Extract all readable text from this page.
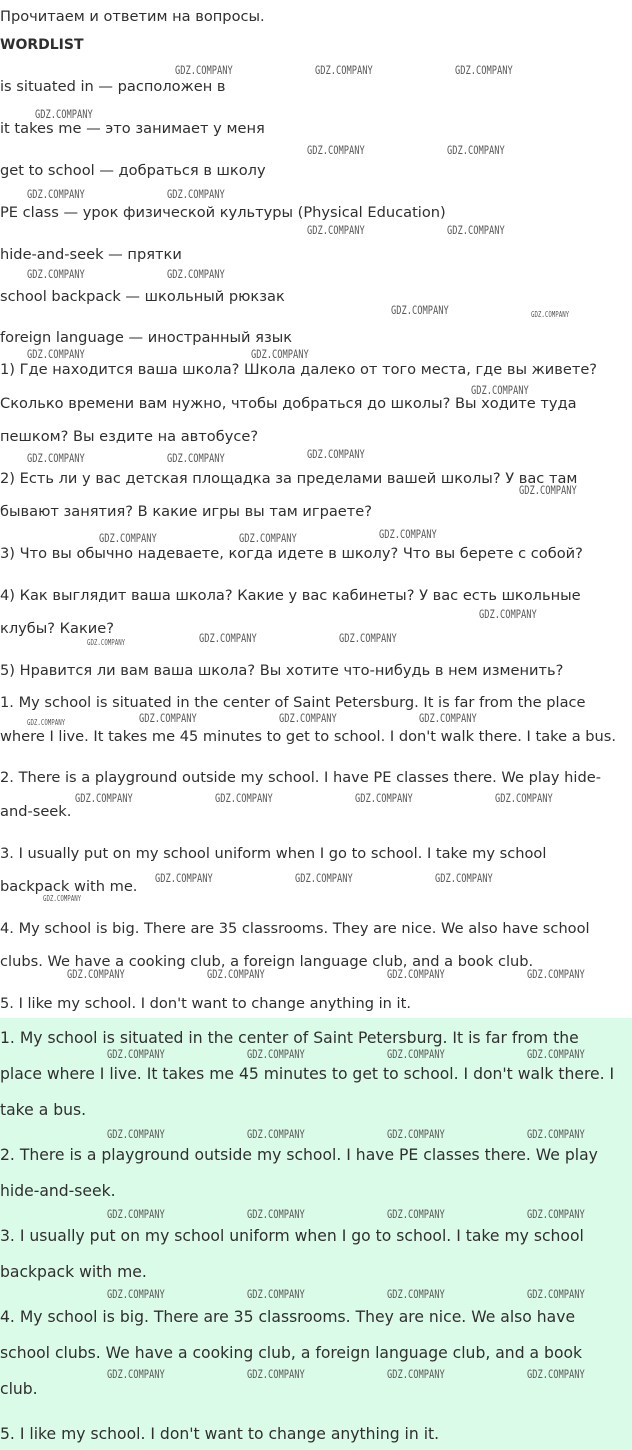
Прочитаем и ответим на вопросы.
WORDLIST
is situated in — расположен в
it takes me — это занимает у меня
get to school — добраться в школу
PE class — урок физической культуры (Physical Education)
hide-and-seek — прятки
school backpack — школьный рюкзак
foreign language — иностранный язык
1) Где находится ваша школа? Школа далеко от того места, где вы живете?
Сколько времени вам нужно, чтобы добраться до школы? Вы ходите туда
пешком? Вы ездите на автобусе?
2) Есть ли у вас детская площадка за пределами вашей школы? У вас там
бывают занятия? В какие игры вы там играете?
3) Что вы обычно надеваете, когда идете в школу? Что вы берете с собой?
4) Как выглядит ваша школа? Какие у вас кабинеты? У вас есть школьные
клубы? Какие?
5) Нравится ли вам ваша школа? Вы хотите что-нибудь в нем изменить?
1. My school is situated in the center of Saint Petersburg. It is far from the place
where I live. It takes me 45 minutes to get to school. I don't walk there. I take a bus.
2. There is a playground outside my school. I have PE classes there. We play hide-
and-seek.
3. I usually put on my school uniform when I go to school. I take my school
backpack with me.
4. My school is big. There are 35 classrooms. They are nice. We also have school
clubs. We have a cooking club, a foreign language club, and a book club.
5. I like my school. I don't want to change anything in it.
1. My school is situated in the center of Saint Petersburg. It is far from the
place where I live. It takes me 45 minutes to get to school. I don't walk there. I
take a bus.
2. There is a playground outside my school. I have PE classes there. We play
hide-and-seek.
3. I usually put on my school uniform when I go to school. I take my school
backpack with me.
4. My school is big. There are 35 classrooms. They are nice. We also have
school clubs. We have a cooking club, a foreign language club, and a book
club.
5. I like my school. I don't want to change anything in it.
GDZ.COMPANY	GDZ.COMPANY	GDZ.COMPANY
GDZ.COMPANY
GDZ.COMPANY	GDZ.COMPANY
GDZ.COMPANY	GDZ.COMPANY
GDZ.COMPANY	GDZ.COMPANY
GDZ.COMPANY	GDZ.COMPANY
GDZ.COMPANY	GDZ.COMPANY
GDZ.COMPANY	GDZ.COMPANY
GDZ.COMPANY
GDZ.COMPANY	GDZ.COMPANY	GDZ.COMPANY
GDZ.COMPANY
GDZ.COMPANY	GDZ.COMPANY	GDZ.COMPANY
GDZ.COMPANY
GDZ.COMPANY	GDZ.COMPANY	GDZ.COMPANY
GDZ.COMPANY	GDZ.COMPANY	GDZ.COMPANY	GDZ.COMPANY
GDZ.COMPANY	GDZ.COMPANY	GDZ.COMPANY	GDZ.COMPANY
GDZ.COMPANY	GDZ.COMPANY	GDZ.COMPANY
GDZ.COMPANY
GDZ.COMPANY	GDZ.COMPANY	GDZ.COMPANY	GDZ.COMPANY
GDZ.COMPANY	GDZ.COMPANY	GDZ.COMPANY	GDZ.COMPANY
GDZ.COMPANY	GDZ.COMPANY	GDZ.COMPANY	GDZ.COMPANY
GDZ.COMPANY	GDZ.COMPANY	GDZ.COMPANY	GDZ.COMPANY
GDZ.COMPANY	GDZ.COMPANY	GDZ.COMPANY	GDZ.COMPANY
GDZ.COMPANY	GDZ.COMPANY	GDZ.COMPANY	GDZ.COMPANY
